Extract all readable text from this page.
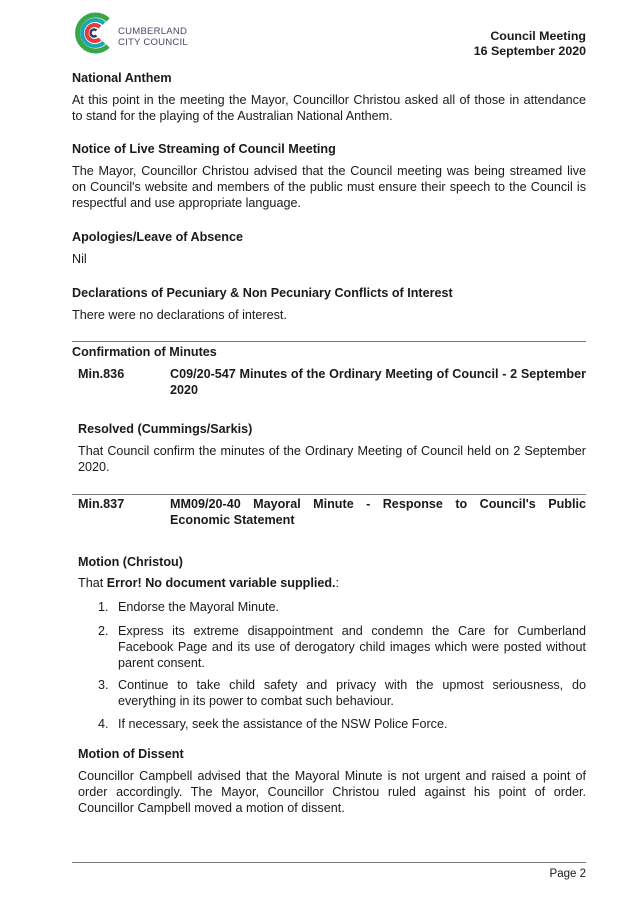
CUMBERLAND
CITY COUNCIL	Council Meeting
16 September 2020
National Anthem
At this point in the meeting the Mayor, Councillor Christou asked all of those in attendance to stand for the playing of the Australian National Anthem.
Notice of Live Streaming of Council Meeting
The Mayor, Councillor Christou advised that the Council meeting was being streamed live on Council's website and members of the public must ensure their speech to the Council is respectful and use appropriate language.
Apologies/Leave of Absence
Nil
Declarations of Pecuniary & Non Pecuniary Conflicts of Interest
There were no declarations of interest.
Confirmation of Minutes
Min.836	C09/20-547 Minutes of the Ordinary Meeting of Council - 2 September 2020
Resolved (Cummings/Sarkis)
That Council confirm the minutes of the Ordinary Meeting of Council held on 2 September 2020.
Min.837	MM09/20-40 Mayoral Minute - Response to Council's Public Economic Statement
Motion (Christou)
That Error! No document variable supplied.:
1. Endorse the Mayoral Minute.
2. Express its extreme disappointment and condemn the Care for Cumberland Facebook Page and its use of derogatory child images which were posted without parent consent.
3. Continue to take child safety and privacy with the upmost seriousness, do everything in its power to combat such behaviour.
4. If necessary, seek the assistance of the NSW Police Force.
Motion of Dissent
Councillor Campbell advised that the Mayoral Minute is not urgent and raised a point of order accordingly. The Mayor, Councillor Christou ruled against his point of order. Councillor Campbell moved a motion of dissent.
Page 2
